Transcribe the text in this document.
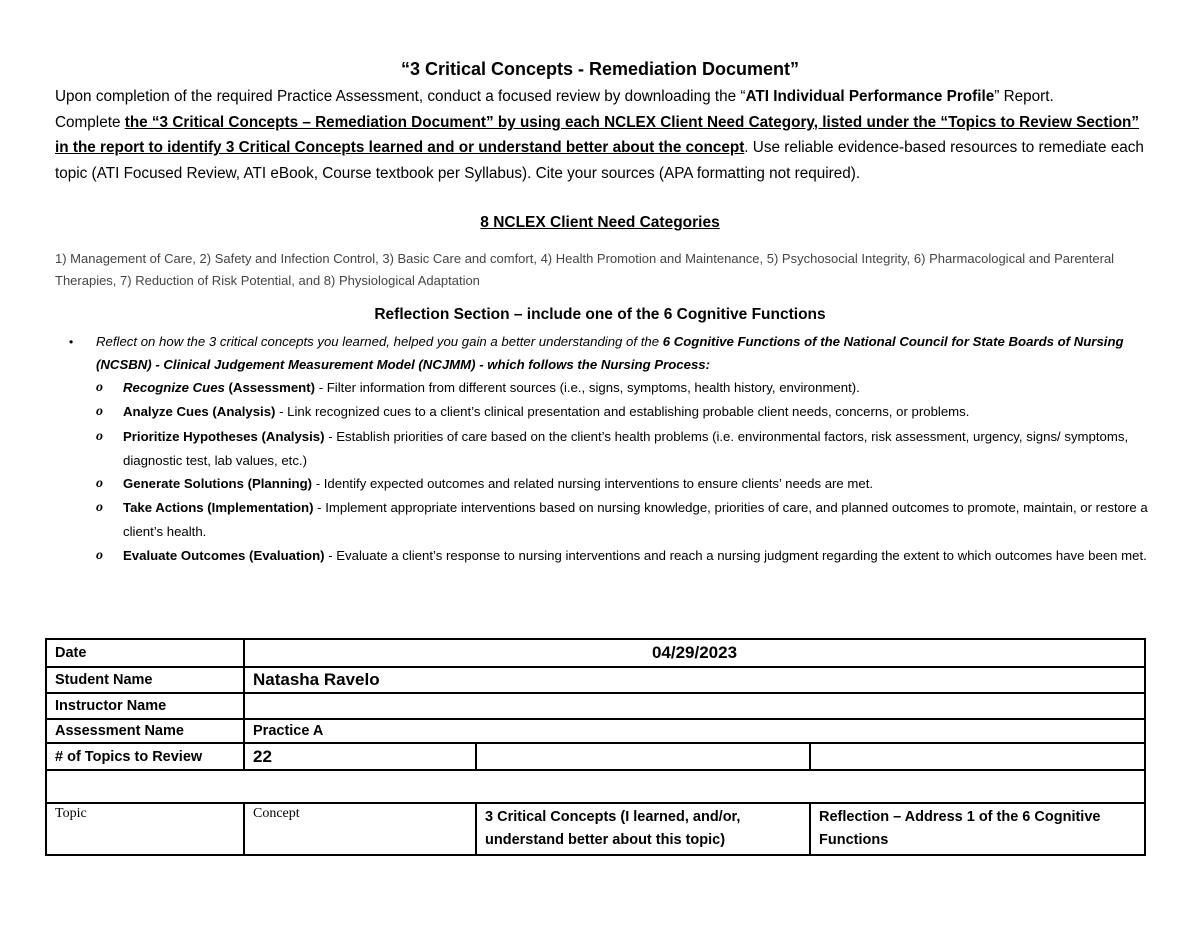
“3 Critical Concepts - Remediation Document”
Upon completion of the required Practice Assessment, conduct a focused review by downloading the “ATI Individual Performance Profile” Report.
Complete the “3 Critical Concepts – Remediation Document” by using each NCLEX Client Need Category, listed under the “Topics to Review Section” in the report to identify 3 Critical Concepts learned and or understand better about the concept. Use reliable evidence-based resources to remediate each topic (ATI Focused Review, ATI eBook, Course textbook per Syllabus). Cite your sources (APA formatting not required).
8 NCLEX Client Need Categories
1) Management of Care, 2) Safety and Infection Control, 3) Basic Care and comfort, 4) Health Promotion and Maintenance, 5) Psychosocial Integrity, 6) Pharmacological and Parenteral Therapies, 7) Reduction of Risk Potential, and 8) Physiological Adaptation
Reflection Section – include one of the 6 Cognitive Functions
• Reflect on how the 3 critical concepts you learned, helped you gain a better understanding of the 6 Cognitive Functions of the National Council for State Boards of Nursing (NCSBN) - Clinical Judgement Measurement Model (NCJMM) - which follows the Nursing Process:
o Recognize Cues (Assessment) - Filter information from different sources (i.e., signs, symptoms, health history, environment).
o Analyze Cues (Analysis) - Link recognized cues to a client’s clinical presentation and establishing probable client needs, concerns, or problems.
o Prioritize Hypotheses (Analysis) - Establish priorities of care based on the client’s health problems (i.e. environmental factors, risk assessment, urgency, signs/ symptoms, diagnostic test, lab values, etc.)
o Generate Solutions (Planning) - Identify expected outcomes and related nursing interventions to ensure clients’ needs are met.
o Take Actions (Implementation) - Implement appropriate interventions based on nursing knowledge, priorities of care, and planned outcomes to promote, maintain, or restore a client’s health.
o Evaluate Outcomes (Evaluation) - Evaluate a client’s response to nursing interventions and reach a nursing judgment regarding the extent to which outcomes have been met.
Date	04/29/2023		
Student Name	Natasha Ravelo		
Instructor Name			
Assessment Name	Practice A		
# of Topics to Review	22		

Topic	Concept	3 Critical Concepts (I learned, and/or, understand better about this topic)	Reflection – Address 1 of the 6 Cognitive Functions
